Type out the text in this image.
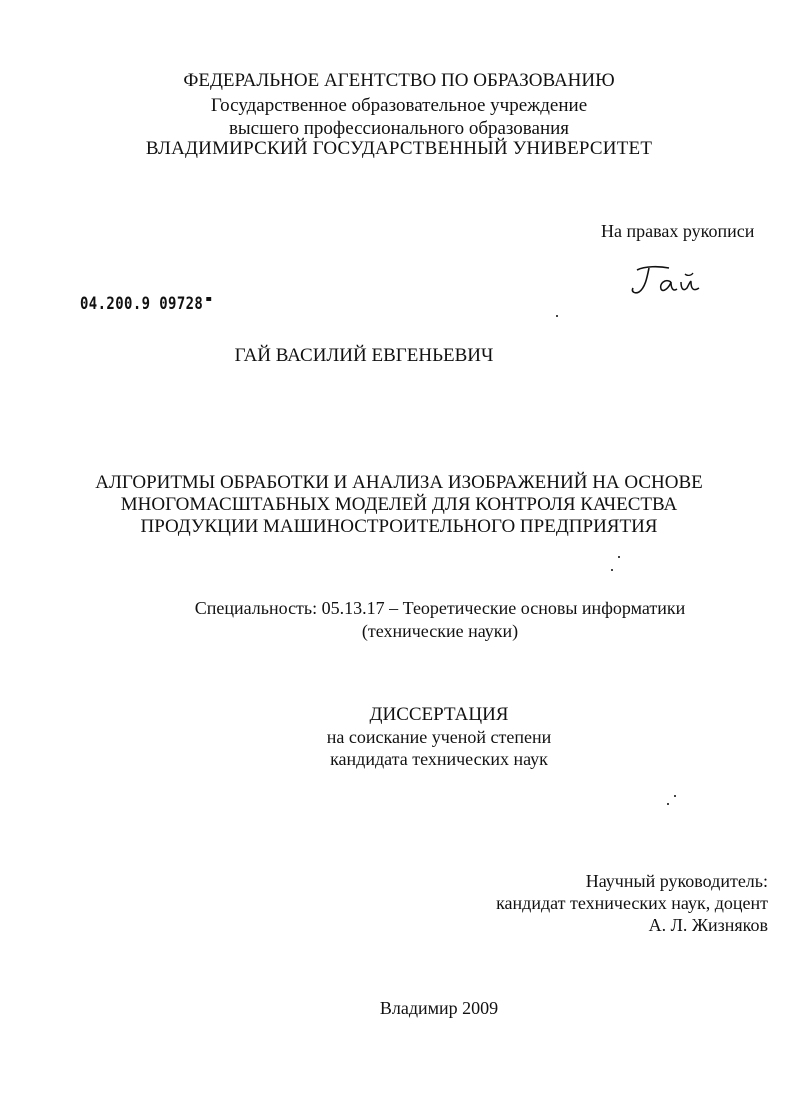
ФЕДЕРАЛЬНОЕ АГЕНТСТВО ПО ОБРАЗОВАНИЮ
Государственное образовательное учреждение
высшего профессионального образования
ВЛАДИМИРСКИЙ ГОСУДАРСТВЕННЫЙ УНИВЕРСИТЕТ
На правах рукописи
04.200.9 09728
ГАЙ ВАСИЛИЙ ЕВГЕНЬЕВИЧ
АЛГОРИТМЫ ОБРАБОТКИ И АНАЛИЗА ИЗОБРАЖЕНИЙ НА ОСНОВЕ
МНОГОМАСШТАБНЫХ МОДЕЛЕЙ ДЛЯ КОНТРОЛЯ КАЧЕСТВА
ПРОДУКЦИИ МАШИНОСТРОИТЕЛЬНОГО ПРЕДПРИЯТИЯ
Специальность: 05.13.17 – Теоретические основы информатики
(технические науки)
ДИССЕРТАЦИЯ
на соискание ученой степени
кандидата технических наук
Научный руководитель:
кандидат технических наук, доцент
А. Л. Жизняков
Владимир 2009
